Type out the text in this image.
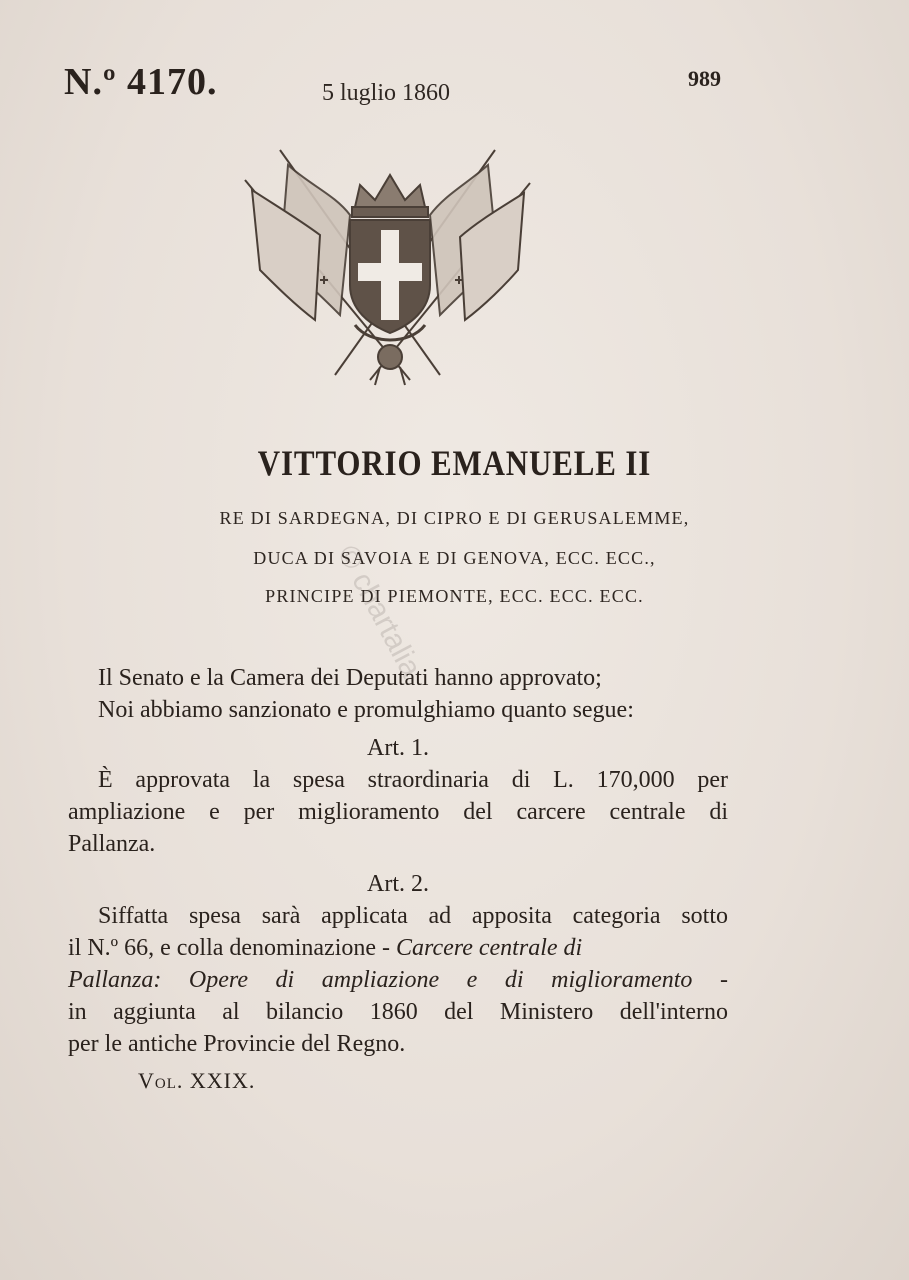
N.º 4170.	5 luglio 1860
989
VITTORIO EMANUELE II
RE DI SARDEGNA, DI CIPRO E DI GERUSALEMME,
DUCA DI SAVOIA E DI GENOVA, ECC. ECC.,
PRINCIPE DI PIEMONTE, ECC. ECC. ECC.
© chartalia
Il Senato e la Camera dei Deputati hanno approvato;
Noi abbiamo sanzionato e promulghiamo quanto segue:
Art. 1.
È approvata la spesa straordinaria di L. 170,000 per
ampliazione e per miglioramento del carcere centrale di
Pallanza.
Art. 2.
Siffatta spesa sarà applicata ad apposita categoria sotto
il N.º 66, e colla denominazione - Carcere centrale di
Pallanza: Opere di ampliazione e di miglioramento -
in aggiunta al bilancio 1860 del Ministero dell'interno
per le antiche Provincie del Regno.
Vol. XXIX.
